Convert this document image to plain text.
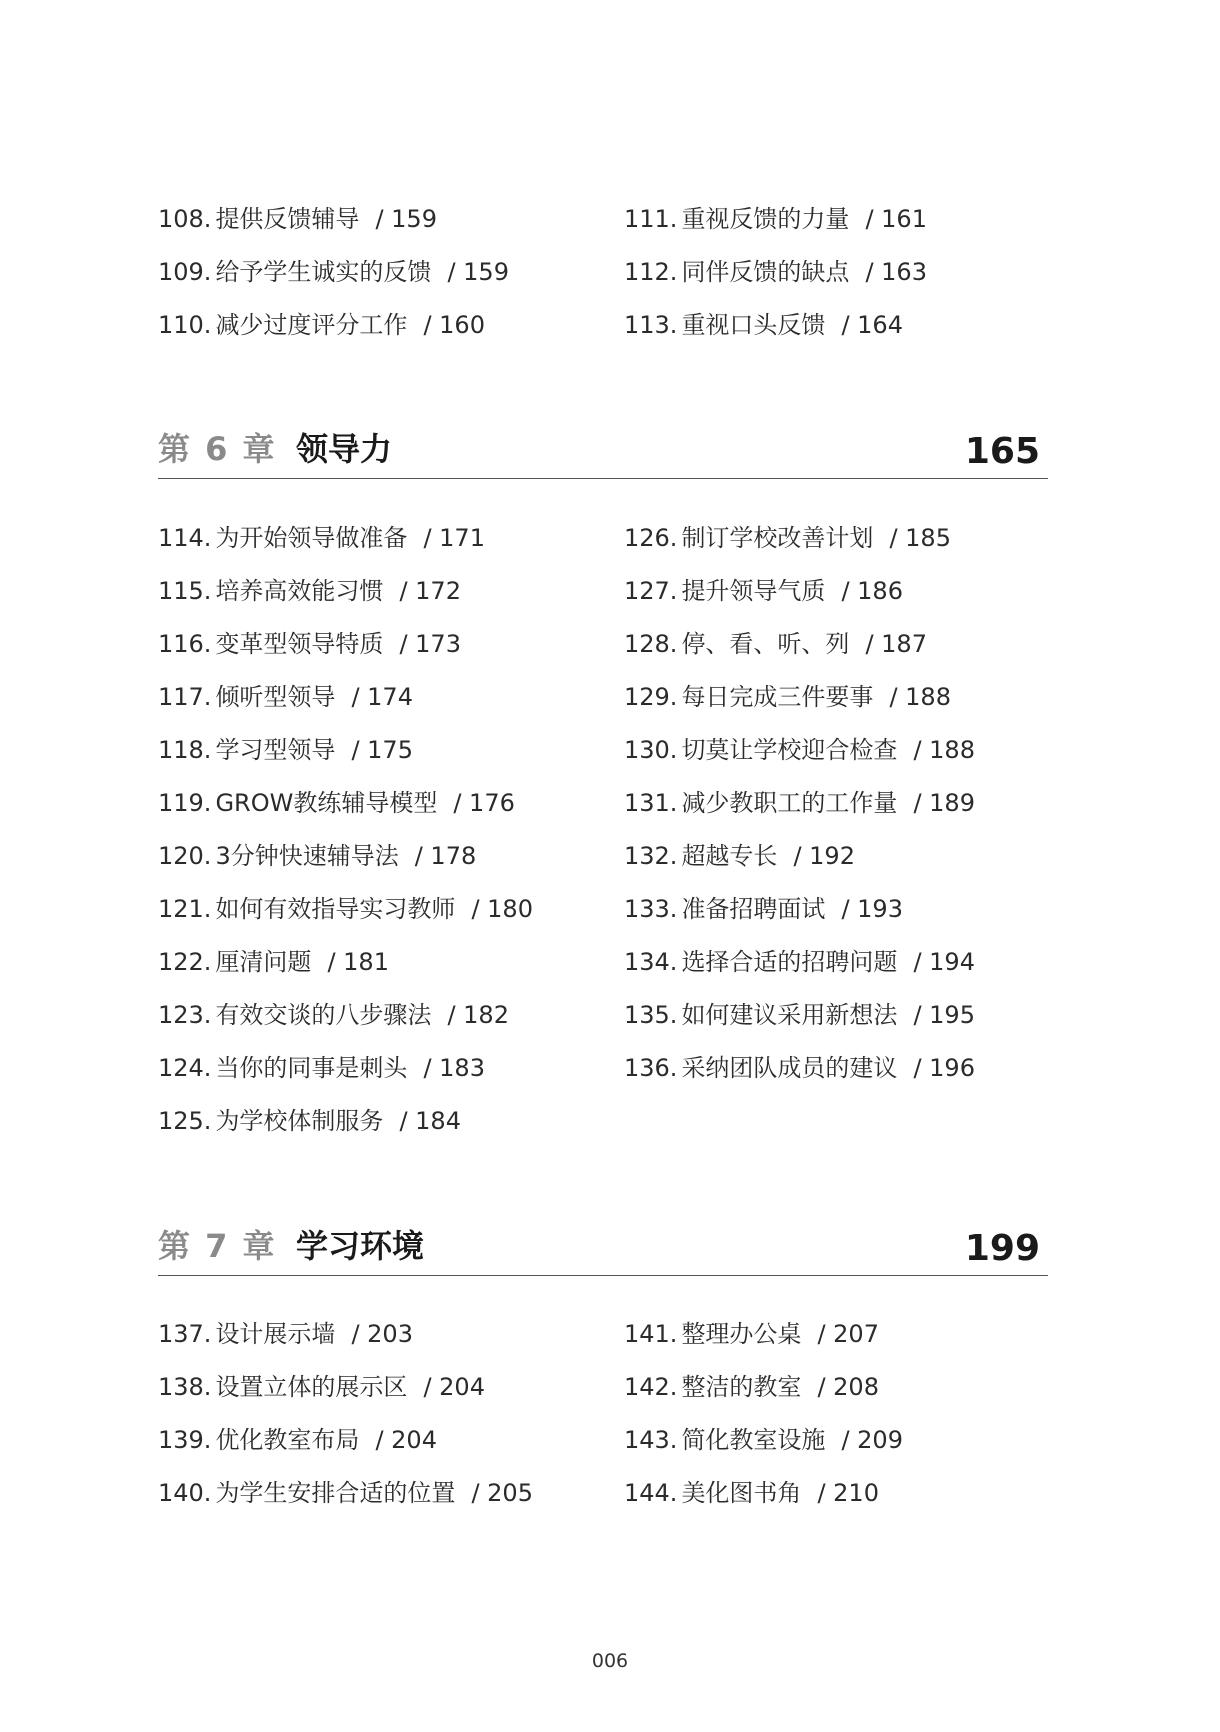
108. 提供反馈辅导 / 159
109. 给予学生诚实的反馈 / 159
110. 减少过度评分工作 / 160
111. 重视反馈的力量 / 161
112. 同伴反馈的缺点 / 163
113. 重视口头反馈 / 164
第 6 章 领导力	165
114. 为开始领导做准备 / 171
115. 培养高效能习惯 / 172
116. 变革型领导特质 / 173
117. 倾听型领导 / 174
118. 学习型领导 / 175
119. GROW教练辅导模型 / 176
120. 3分钟快速辅导法 / 178
121. 如何有效指导实习教师 / 180
122. 厘清问题 / 181
123. 有效交谈的八步骤法 / 182
124. 当你的同事是刺头 / 183
125. 为学校体制服务 / 184
126. 制订学校改善计划 / 185
127. 提升领导气质 / 186
128. 停、看、听、列 / 187
129. 每日完成三件要事 / 188
130. 切莫让学校迎合检查 / 188
131. 减少教职工的工作量 / 189
132. 超越专长 / 192
133. 准备招聘面试 / 193
134. 选择合适的招聘问题 / 194
135. 如何建议采用新想法 / 195
136. 采纳团队成员的建议 / 196
第 7 章 学习环境	199
137. 设计展示墙 / 203
138. 设置立体的展示区 / 204
139. 优化教室布局 / 204
140. 为学生安排合适的位置 / 205
141. 整理办公桌 / 207
142. 整洁的教室 / 208
143. 简化教室设施 / 209
144. 美化图书角 / 210
006
